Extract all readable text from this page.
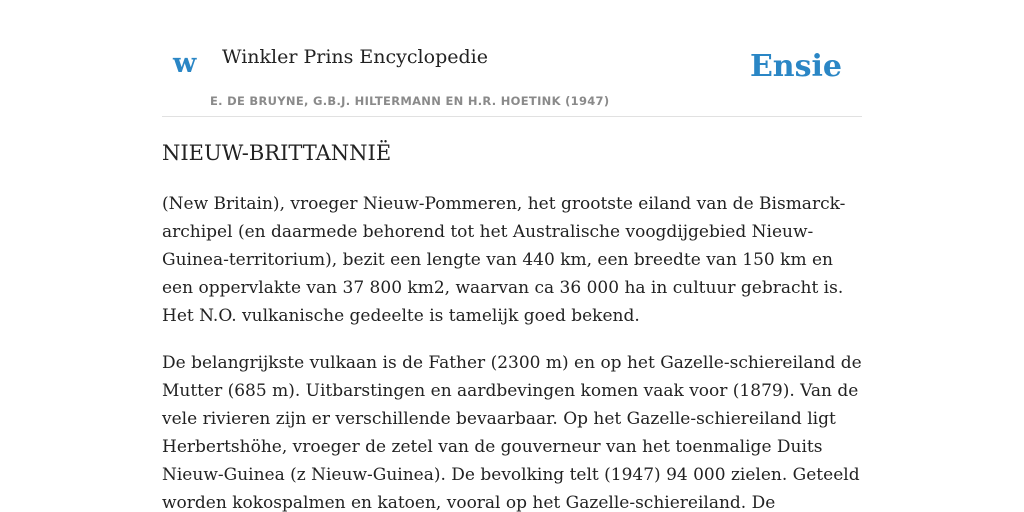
w Winkler Prins Encyclopedie
E. DE BRUYNE, G.B.J. HILTERMANN EN H.R. HOETINK (1947)
Ensie
NIEUW-BRITTANNIË

(New Britain), vroeger Nieuw-Pommeren, het grootste eiland van de Bismarck-archipel (en daarmede behorend tot het Australische voogdijgebied Nieuw-Guinea-territorium), bezit een lengte van 440 km, een breedte van 150 km en een oppervlakte van 37 800 km2, waarvan ca 36 000 ha in cultuur gebracht is. Het N.O. vulkanische gedeelte is tamelijk goed bekend.

De belangrijkste vulkaan is de Father (2300 m) en op het Gazelle-schiereiland de Mutter (685 m). Uitbarstingen en aardbevingen komen vaak voor (1879). Van de vele rivieren zijn er verschillende bevaarbaar. Op het Gazelle-schiereiland ligt Herbertshöhe, vroeger de zetel van de gouverneur van het toenmalige Duits Nieuw-Guinea (z Nieuw-Guinea). De bevolking telt (1947) 94 000 zielen. Geteeld worden kokospalmen en katoen, vooral op het Gazelle-schiereiland. De
